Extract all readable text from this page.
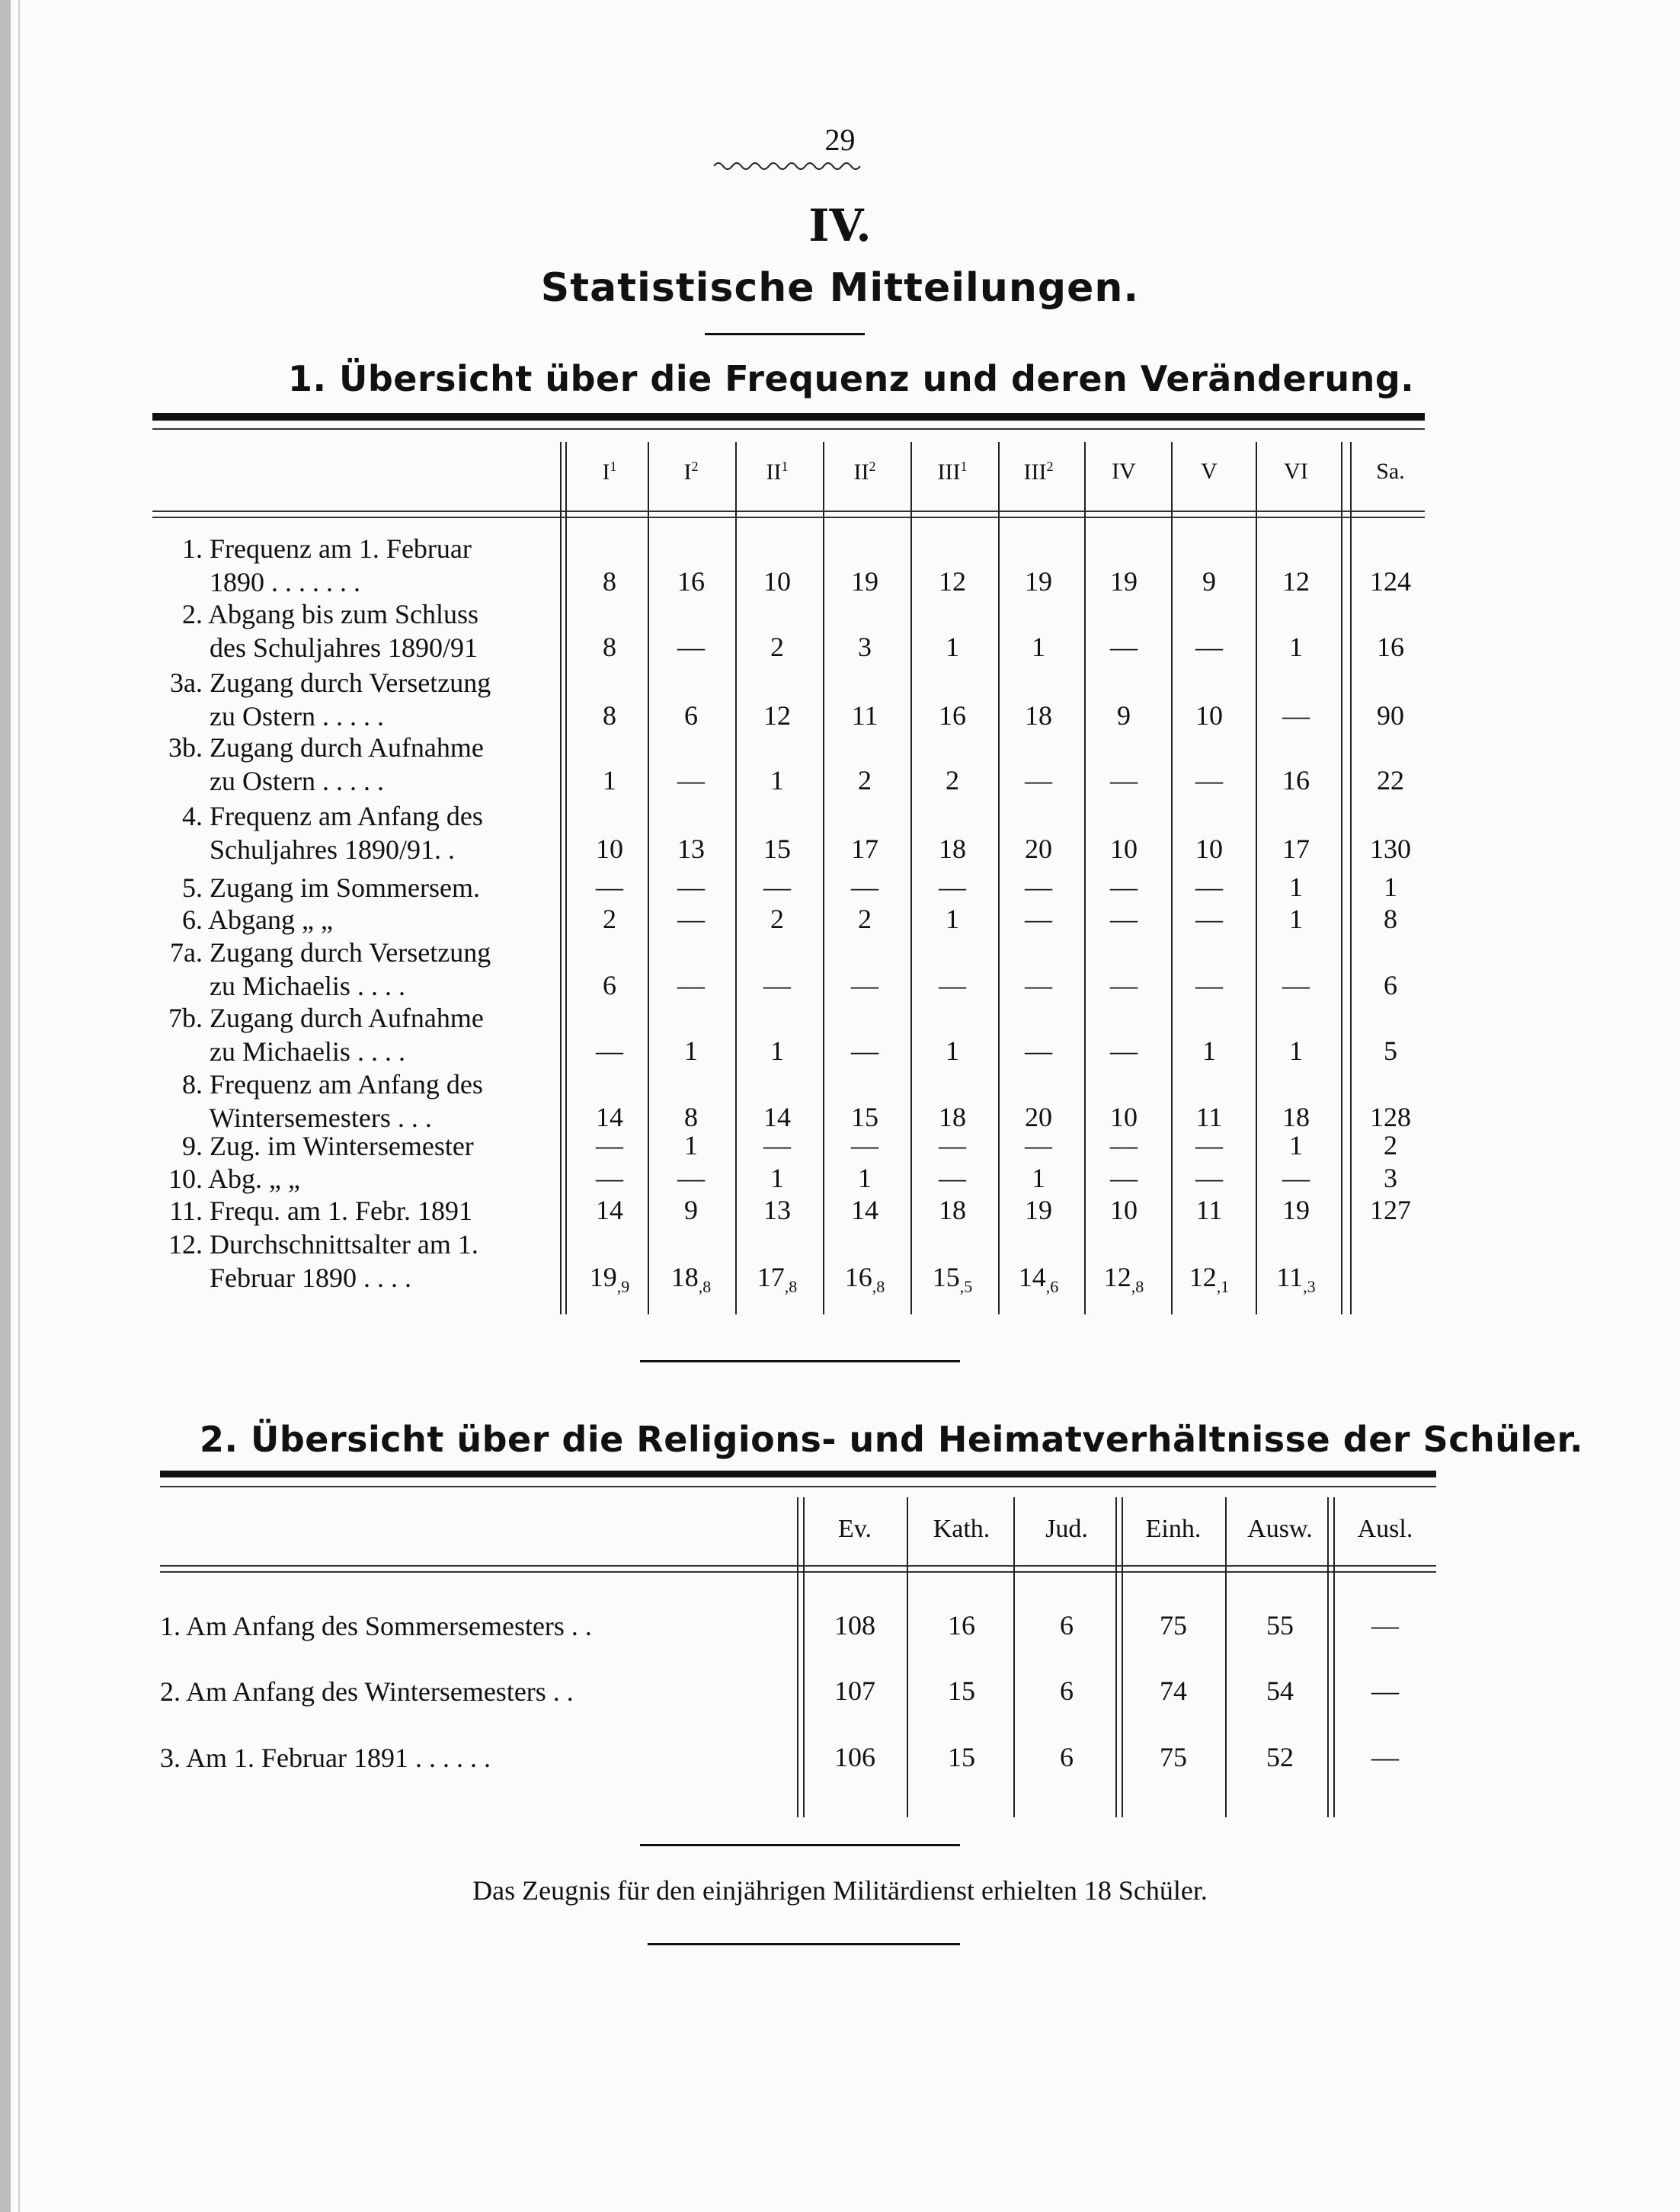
29
IV.
Statistische Mitteilungen.
1. Übersicht über die Frequenz und deren Veränderung.
$I^1$	$I^2$	$II^1$	$II^2$	III$^1$	III$^2$	IV	V	VI	Sa.
1. Frequenz am 1. Februar
1890 . . . . . . .	8	16	10	19	12	19	19	9	12	124
2. Abgang bis zum Schluss
des Schuljahres 1890/91	8	—	2	3	1	1	—	—	1	16
3a. Zugang durch Versetzung
zu Ostern . . . . .	8	6	12	11	16	18	9	10	—	90
3b. Zugang durch Aufnahme
zu Ostern . . . . .	1	—	1	2	2	—	—	—	16	22
4. Frequenz am Anfang des
Schuljahres 1890/91. .	10	13	15	17	18	20	10	10	17	130
5. Zugang im Sommersem.	—	—	—	—	—	—	—	—	1	1
6. Abgang „ „	2	—	2	2	1	—	—	—	1	8
7a. Zugang durch Versetzung
zu Michaelis . . . .	6	—	—	—	—	—	—	—	—	6
7b. Zugang durch Aufnahme
zu Michaelis . . . .	—	1	1	—	1	—	—	1	1	5
8. Frequenz am Anfang des
Wintersemesters . . .	14	8	14	15	18	20	10	11	18	128
9. Zug. im Wintersemester	—	1	—	—	—	—	—	—	1	2
10. Abg. „ „	—	—	1	1	—	1	—	—	—	3
11. Frequ. am 1. Febr. 1891	14	9	13	14	18	19	10	11	19	127
12. Durchschnittsalter am 1.
Februar 1890 . . . .	$19_{,9}$	$18_{,8}$	$17_{,8}$	$16_{,8}$	$15_{,5}$	$14_{,6}$	$12_{,8}$	$12_{,1}$	$11_{,3}$
2. Übersicht über die Religions- und Heimatverhältnisse der Schüler.
Ev.	Kath.	Jud.	Einh.	Ausw.	Ausl.
1. Am Anfang des Sommersemesters . .	108	16	6	75	55	—
2. Am Anfang des Wintersemesters . .	107	15	6	74	54	—
3. Am 1. Februar 1891 . . . . . .	106	15	6	75	52	—
Das Zeugnis für den einjährigen Militärdienst erhielten 18 Schüler.
